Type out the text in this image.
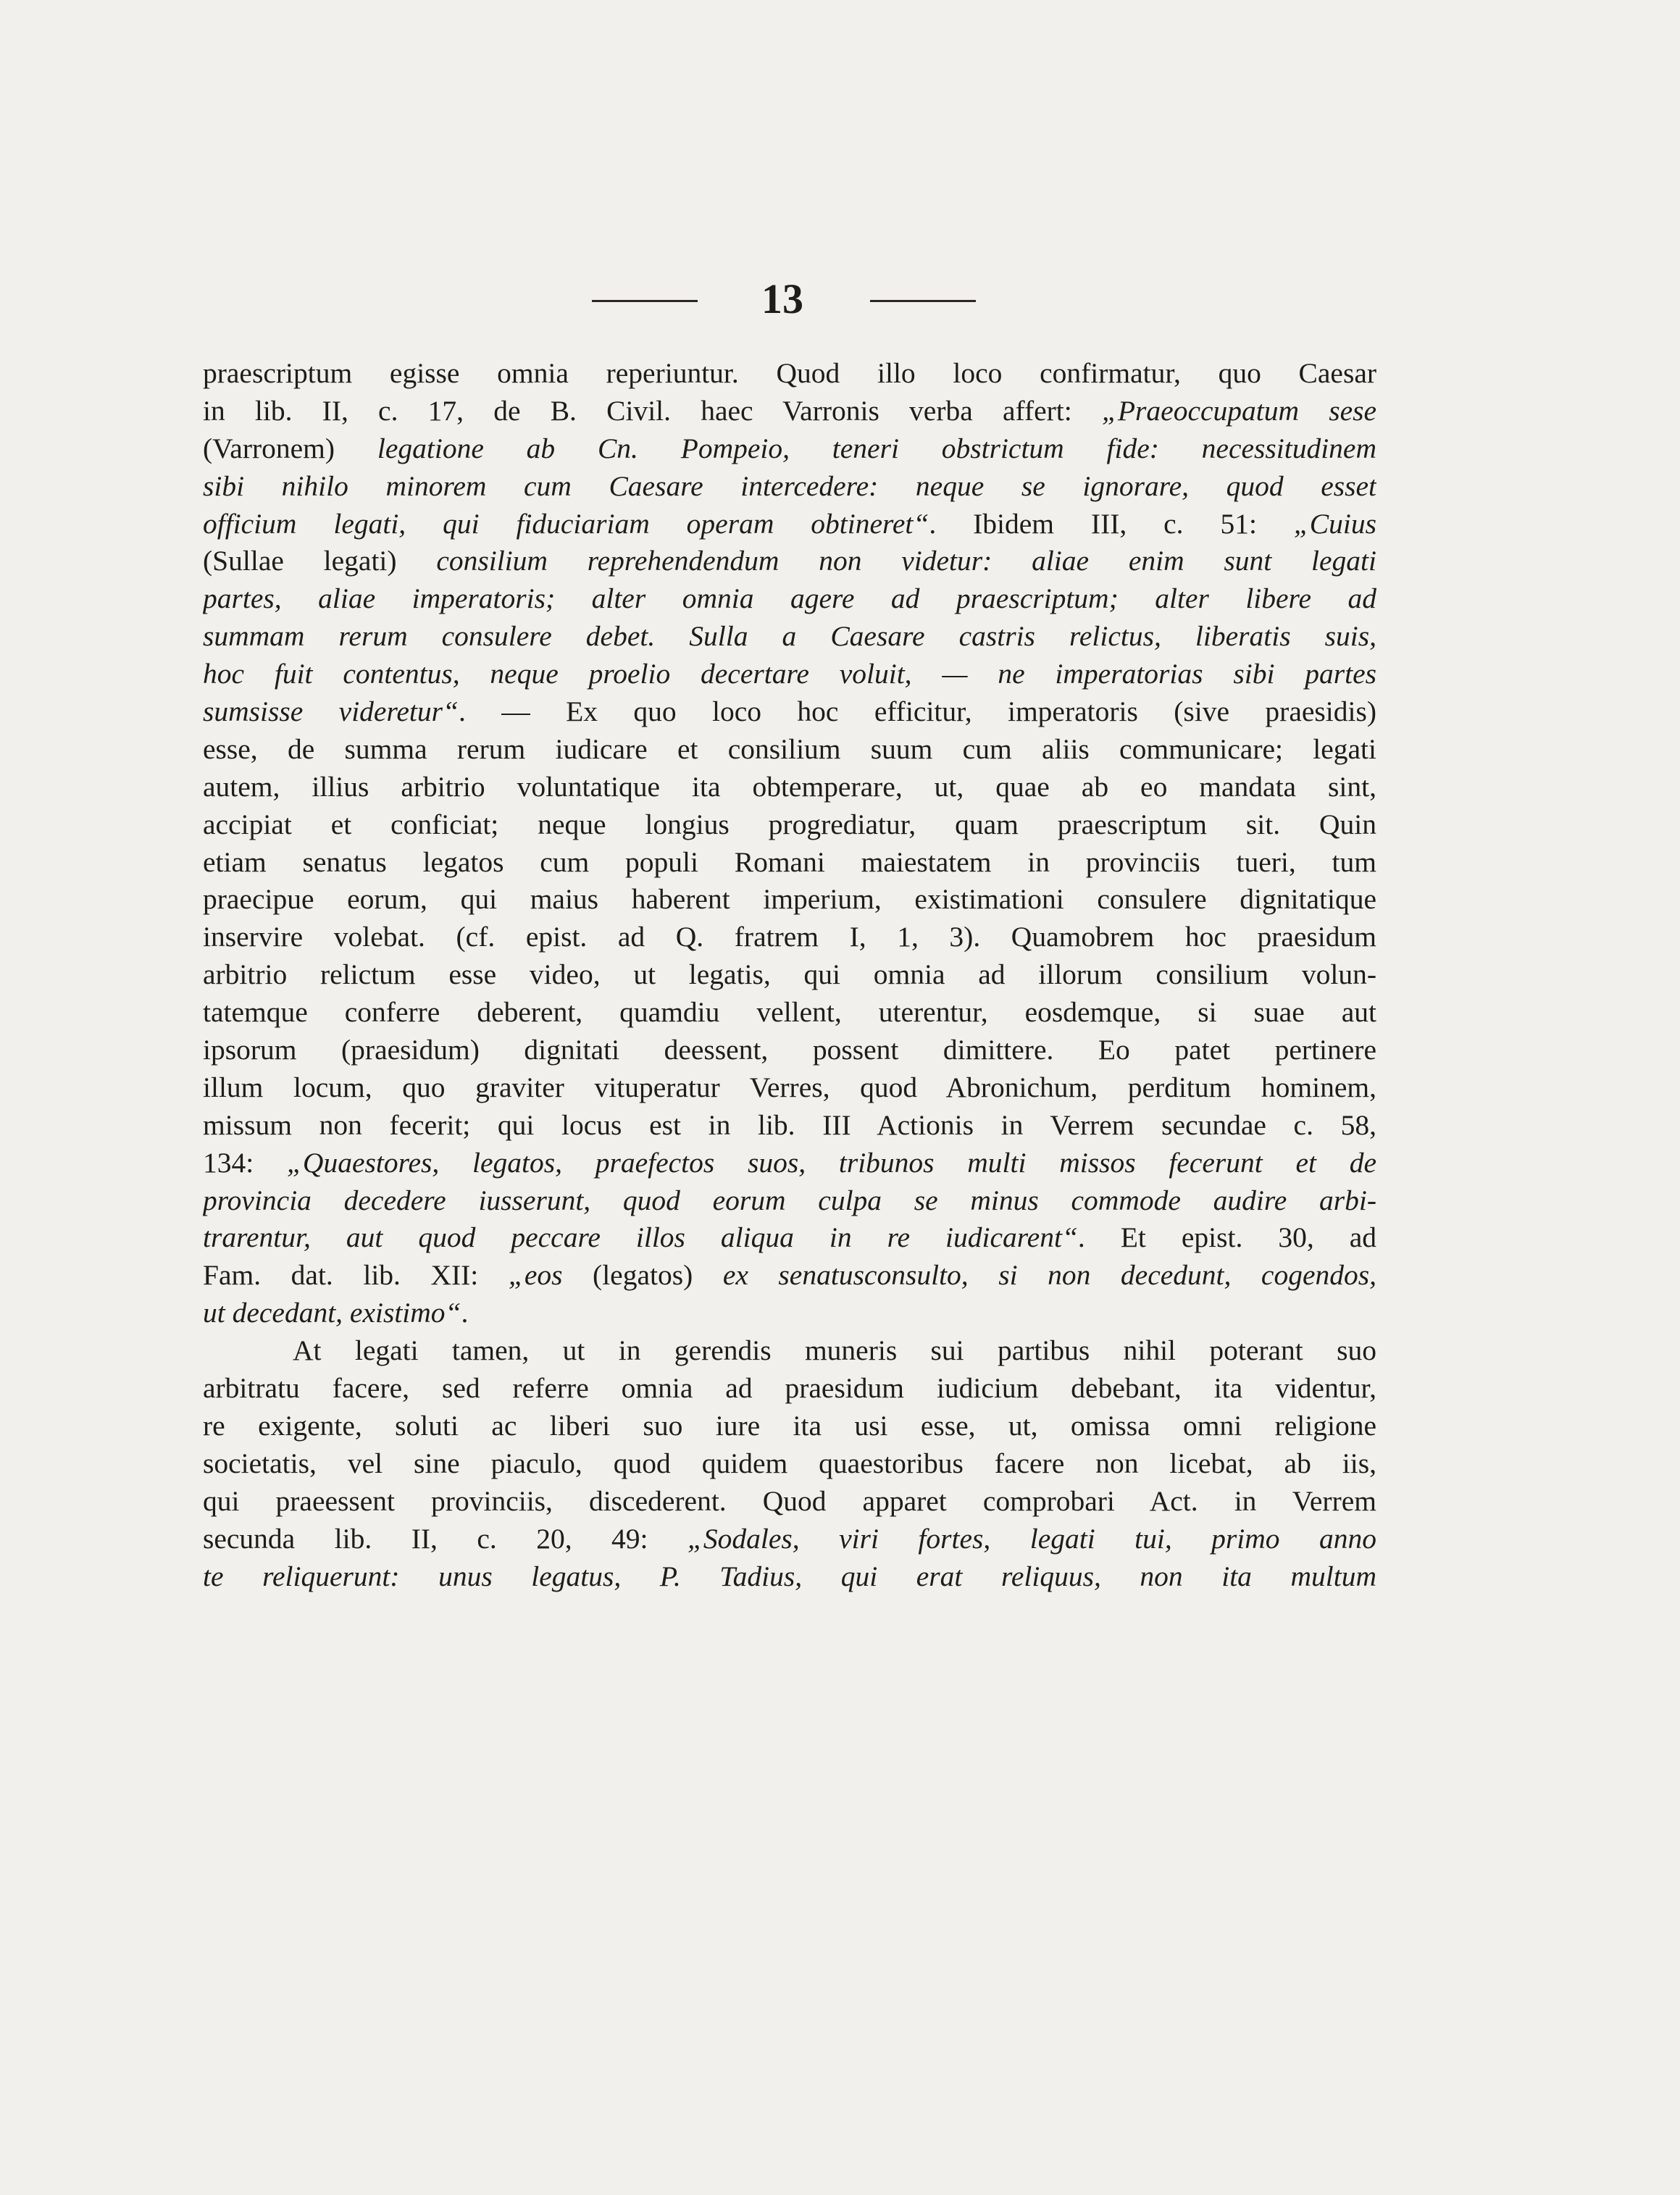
13
praescriptum egisse omnia reperiuntur. Quod illo loco confirmatur, quo Caesar
in lib. II, c. 17, de B. Civil. haec Varronis verba affert: „Praeoccupatum sese
(Varronem) legatione ab Cn. Pompeio, teneri obstrictum fide: necessitudinem
sibi nihilo minorem cum Caesare intercedere: neque se ignorare, quod esset
officium legati, qui fiduciariam operam obtineret“. Ibidem III, c. 51: „Cuius
(Sullae legati) consilium reprehendendum non videtur: aliae enim sunt legati
partes, aliae imperatoris; alter omnia agere ad praescriptum; alter libere ad
summam rerum consulere debet. Sulla a Caesare castris relictus, liberatis suis,
hoc fuit contentus, neque proelio decertare voluit, — ne imperatorias sibi partes
sumsisse videretur“. — Ex quo loco hoc efficitur, imperatoris (sive praesidis)
esse, de summa rerum iudicare et consilium suum cum aliis communicare; legati
autem, illius arbitrio voluntatique ita obtemperare, ut, quae ab eo mandata sint,
accipiat et conficiat; neque longius progrediatur, quam praescriptum sit. Quin
etiam senatus legatos cum populi Romani maiestatem in provinciis tueri, tum
praecipue eorum, qui maius haberent imperium, existimationi consulere dignitatique
inservire volebat. (cf. epist. ad Q. fratrem I, 1, 3). Quamobrem hoc praesidum
arbitrio relictum esse video, ut legatis, qui omnia ad illorum consilium volun-
tatemque conferre deberent, quamdiu vellent, uterentur, eosdemque, si suae aut
ipsorum (praesidum) dignitati deessent, possent dimittere. Eo patet pertinere
illum locum, quo graviter vituperatur Verres, quod Abronichum, perditum hominem,
missum non fecerit; qui locus est in lib. III Actionis in Verrem secundae c. 58,
134: „Quaestores, legatos, praefectos suos, tribunos multi missos fecerunt et de
provincia decedere iusserunt, quod eorum culpa se minus commode audire arbi-
trarentur, aut quod peccare illos aliqua in re iudicarent“. Et epist. 30, ad
Fam. dat. lib. XII: „eos (legatos) ex senatusconsulto, si non decedunt, cogendos,
ut decedant, existimo“.
At legati tamen, ut in gerendis muneris sui partibus nihil poterant suo
arbitratu facere, sed referre omnia ad praesidum iudicium debebant, ita videntur,
re exigente, soluti ac liberi suo iure ita usi esse, ut, omissa omni religione
societatis, vel sine piaculo, quod quidem quaestoribus facere non licebat, ab iis,
qui praeessent provinciis, discederent. Quod apparet comprobari Act. in Verrem
secunda lib. II, c. 20, 49: „Sodales, viri fortes, legati tui, primo anno
te reliquerunt: unus legatus, P. Tadius, qui erat reliquus, non ita multum
